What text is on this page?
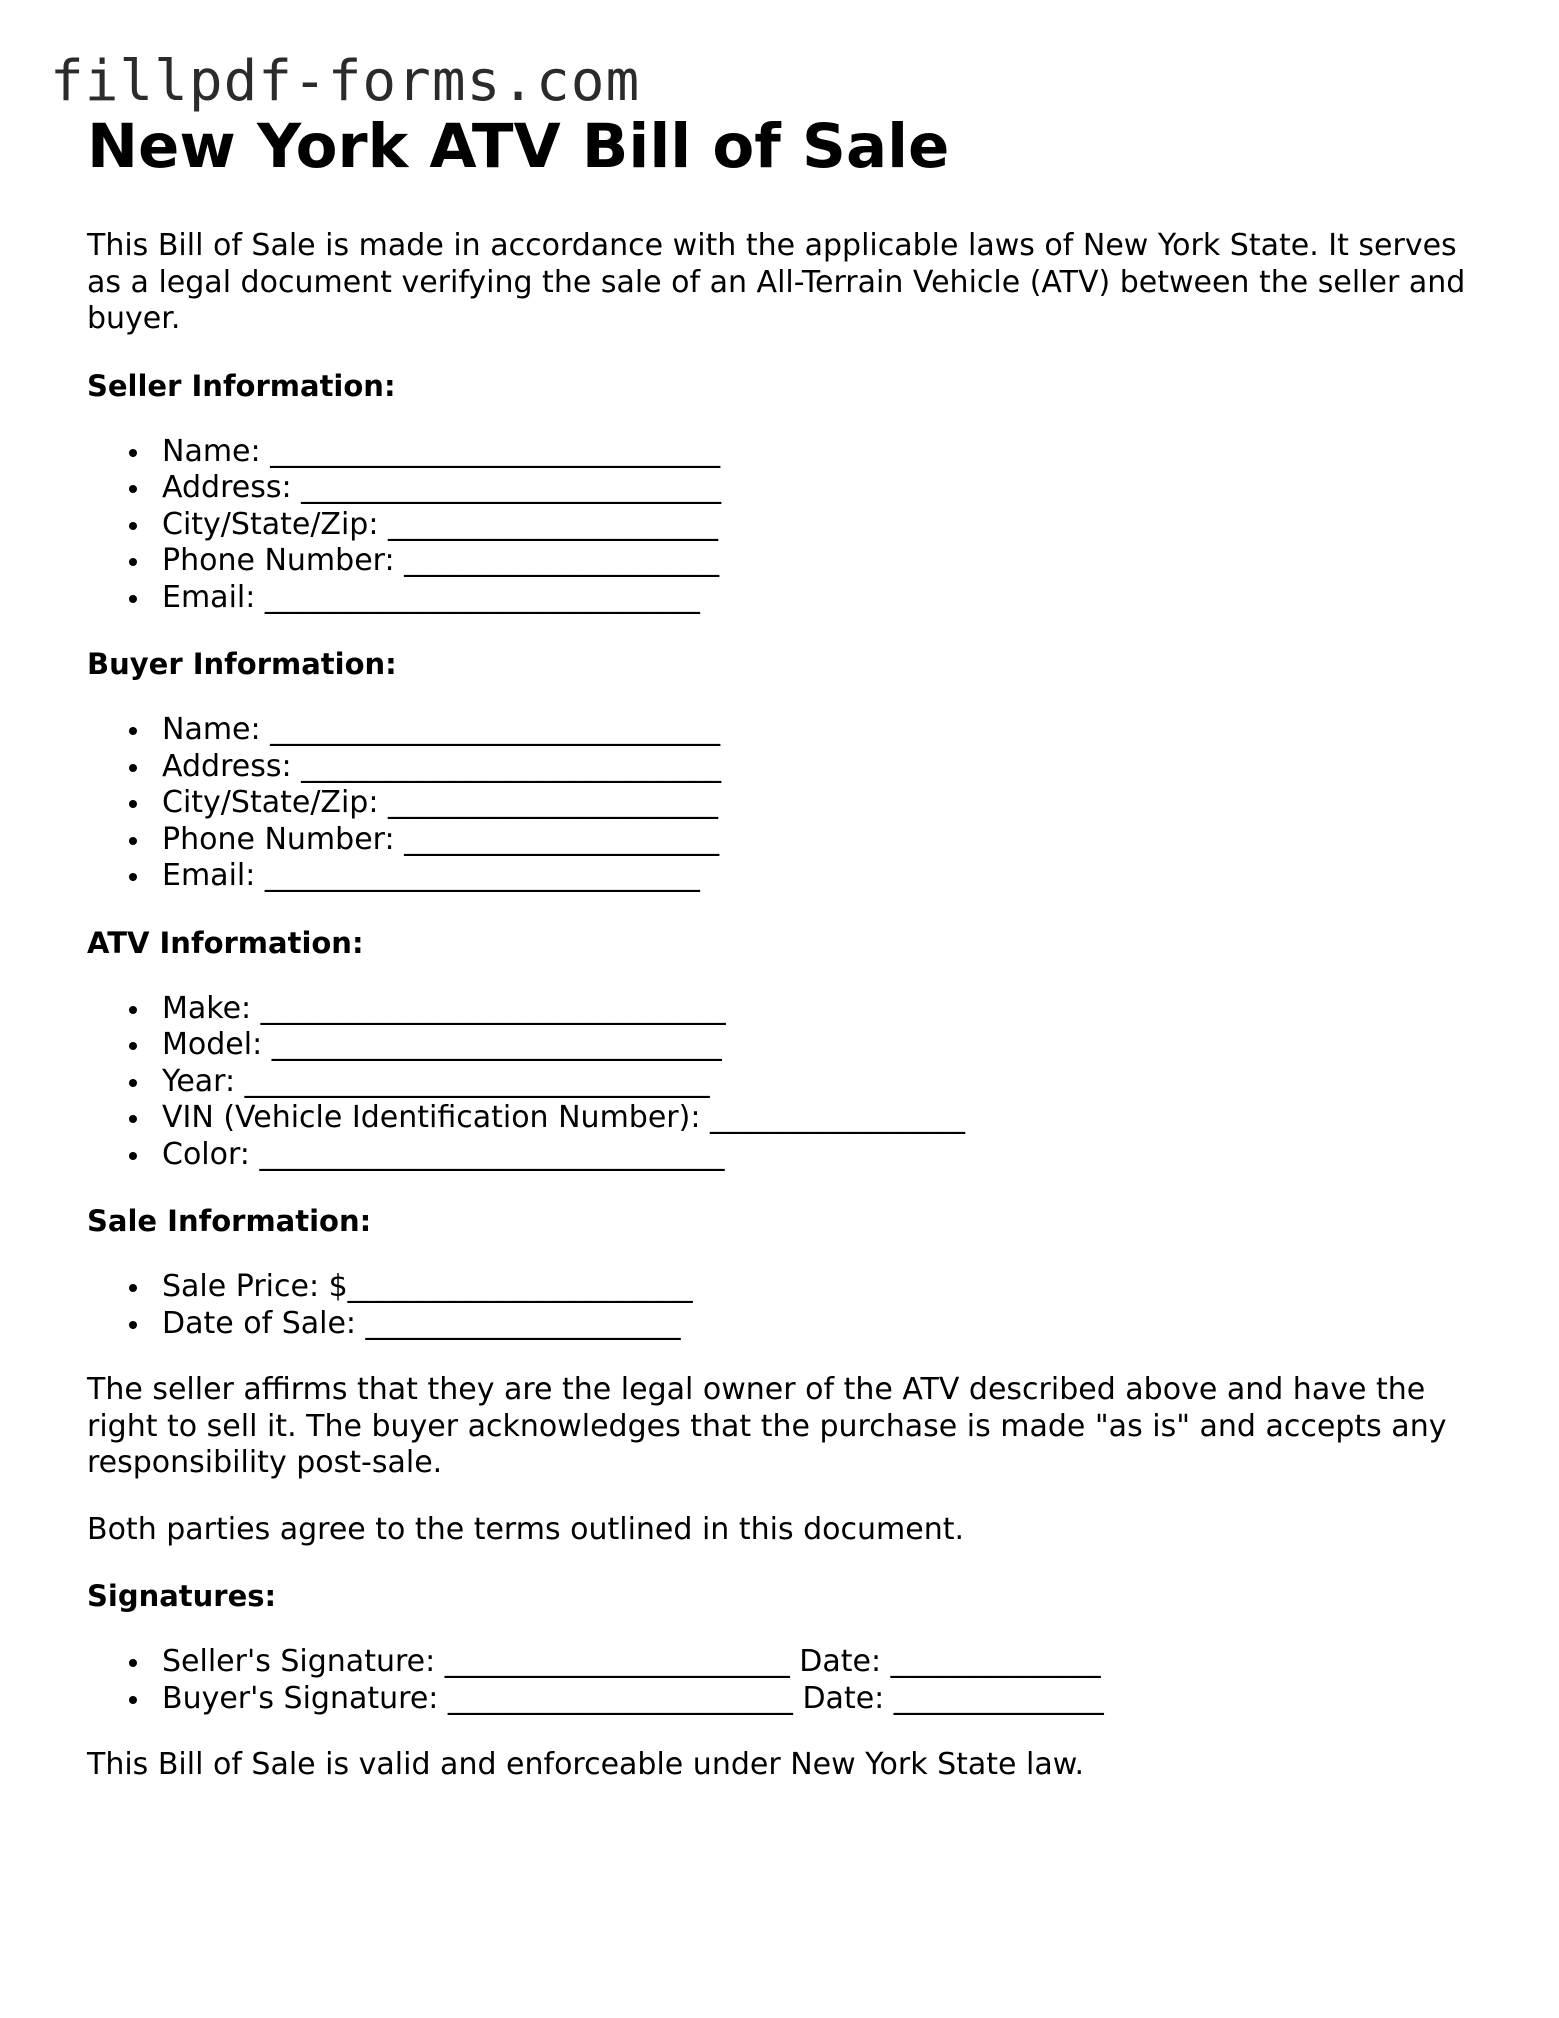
fillpdf-forms.com
New York ATV Bill of Sale

This Bill of Sale is made in accordance with the applicable laws of New York State. It serves as a legal document verifying the sale of an All-Terrain Vehicle (ATV) between the seller and buyer.

Seller Information:
Name: ______________________________
Address: ____________________________
City/State/Zip: ______________________
Phone Number: _____________________
Email: _____________________________
Buyer Information:
Name: ______________________________
Address: ____________________________
City/State/Zip: ______________________
Phone Number: _____________________
Email: _____________________________
ATV Information:
Make: _______________________________
Model: ______________________________
Year: _______________________________
VIN (Vehicle Identification Number): _________________
Color: _______________________________
Sale Information:
Sale Price: $_______________________
Date of Sale: _____________________

The seller affirms that they are the legal owner of the ATV described above and have the right to sell it. The buyer acknowledges that the purchase is made "as is" and accepts any responsibility post-sale.

Both parties agree to the terms outlined in this document.

Signatures:
Seller's Signature: _______________________ Date: ______________
Buyer's Signature: _______________________ Date: ______________

This Bill of Sale is valid and enforceable under New York State law.
